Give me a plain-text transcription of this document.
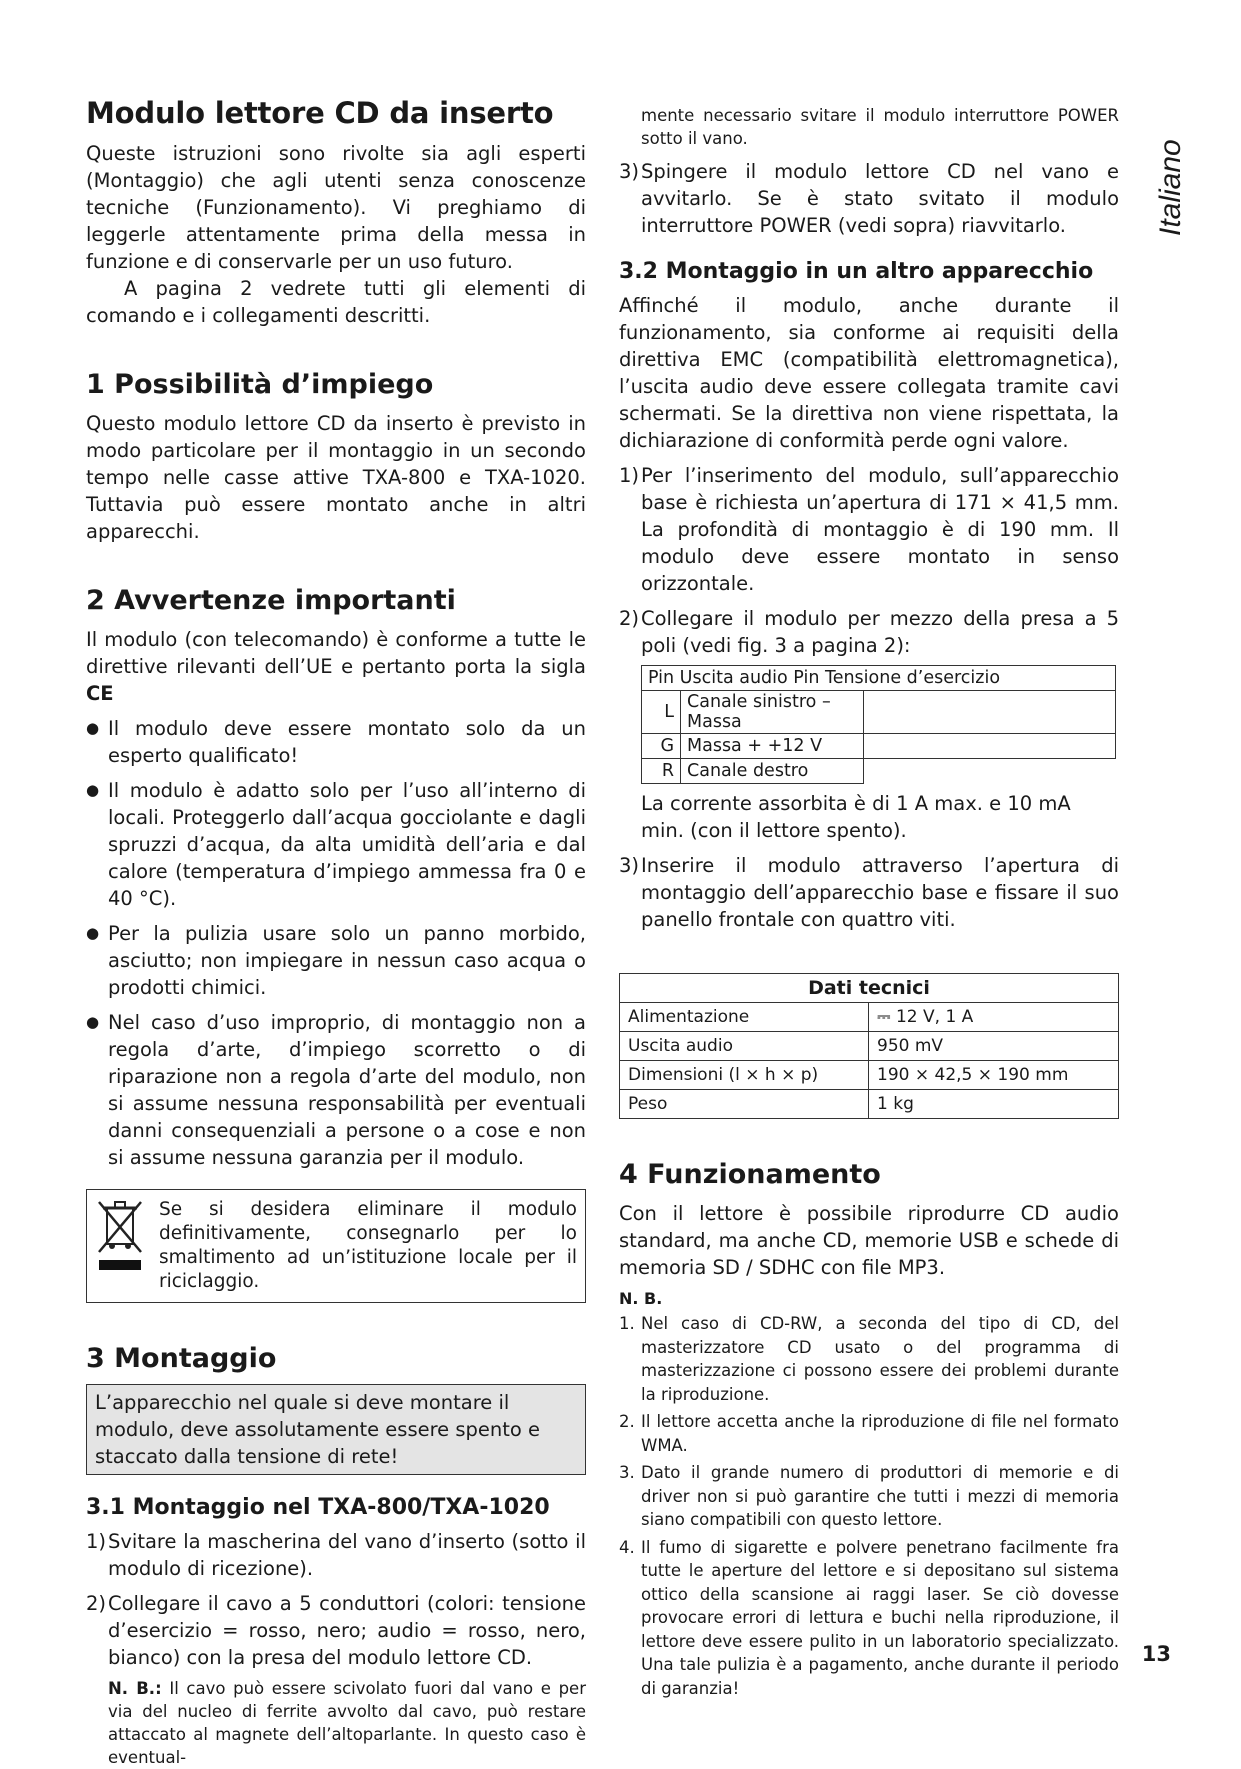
Modulo lettore CD da inserto

Queste istruzioni sono rivolte sia agli esperti (Montaggio) che agli utenti senza conoscenze tecniche (Funzionamento). Vi preghiamo di leggerle attentamente prima della messa in funzione e di conservarle per un uso futuro.

A pagina 2 vedrete tutti gli elementi di comando e i collegamenti descritti.

1 Possibilità d’impiego

Questo modulo lettore CD da inserto è previsto in modo particolare per il montaggio in un secondo tempo nelle casse attive TXA-800 e TXA-1020. Tuttavia può essere montato anche in altri apparecchi.

2 Avvertenze importanti

Il modulo (con telecomando) è conforme a tutte le direttive rilevanti dell’UE e pertanto porta la sigla CE

● Il modulo deve essere montato solo da un esperto qualificato!
● Il modulo è adatto solo per l’uso all’interno di locali. Proteggerlo dall’acqua gocciolante e dagli spruzzi d’acqua, da alta umidità dell’aria e dal calore (temperatura d’impiego ammessa fra 0 e 40 °C).
● Per la pulizia usare solo un panno morbido, asciutto; non impiegare in nessun caso acqua o prodotti chimici.
● Nel caso d’uso improprio, di montaggio non a regola d’arte, d’impiego scorretto o di riparazione non a regola d’arte del modulo, non si assume nessuna responsabilità per eventuali danni consequenziali a persone o a cose e non si assume nessuna garanzia per il modulo.
Se si desidera eliminare il modulo definitivamente, consegnarlo per lo smaltimento ad un’istituzione locale per il riciclaggio.
3 Montaggio
L’apparecchio nel quale si deve montare il modulo, deve assolutamente essere spento e staccato dalla tensione di rete!
3.1 Montaggio nel TXA-800/TXA-1020
1) Svitare la mascherina del vano d’inserto (sotto il modulo di ricezione).
2) Collegare il cavo a 5 conduttori (colori: tensione d’esercizio = rosso, nero; audio = rosso, nero, bianco) con la presa del modulo lettore CD.

N. B.: Il cavo può essere scivolato fuori dal vano e per via del nucleo di ferrite avvolto dal cavo, può restare attaccato al magnete dell’altoparlante. In questo caso è eventual-

mente necessario svitare il modulo interruttore POWER sotto il vano.

3) Spingere il modulo lettore CD nel vano e avvitarlo. Se è stato svitato il modulo interruttore POWER (vedi sopra) riavvitarlo.
3.2 Montaggio in un altro apparecchio

Affinché il modulo, anche durante il funzionamento, sia conforme ai requisiti della direttiva EMC (compatibilità elettromagnetica), l’uscita audio deve essere collegata tramite cavi schermati. Se la direttiva non viene rispettata, la dichiarazione di conformità perde ogni valore.

1) Per l’inserimento del modulo, sull’apparecchio base è richiesta un’apertura di 171 × 41,5 mm. La profondità di montaggio è di 190 mm. Il modulo deve essere montato in senso orizzontale.
2) Collegare il modulo per mezzo della presa a 5 poli (vedi fig. 3 a pagina 2):
Pin Uscita audio Pin Tensione d’esercizio		
L	Canale sinistro – Massa	
G	Massa + +12 V	
R	Canale destro	

La corrente assorbita è di 1 A max. e 10 mA min. (con il lettore spento).

3) Inserire il modulo attraverso l’apertura di montaggio dell’apparecchio base e fissare il suo panello frontale con quattro viti.
Dati tecnici	
Alimentazione	⎓ 12 V, 1 A
Uscita audio	950 mV
Dimensioni (l × h × p)	190 × 42,5 × 190 mm
Peso	1 kg
4 Funzionamento

Con il lettore è possibile riprodurre CD audio standard, ma anche CD, memorie USB e schede di memoria SD / SDHC con file MP3.

N. B.

1. Nel caso di CD-RW, a seconda del tipo di CD, del masterizzatore CD usato o del programma di masterizzazione ci possono essere dei problemi durante la riproduzione.
2. Il lettore accetta anche la riproduzione di file nel formato WMA.
3. Dato il grande numero di produttori di memorie e di driver non si può garantire che tutti i mezzi di memoria siano compatibili con questo lettore.
4. Il fumo di sigarette e polvere penetrano facilmente fra tutte le aperture del lettore e si depositano sul sistema ottico della scansione ai raggi laser. Se ciò dovesse provocare errori di lettura e buchi nella riproduzione, il lettore deve essere pulito in un laboratorio specializzato. Una tale pulizia è a pagamento, anche durante il periodo di garanzia!
Italiano
13
